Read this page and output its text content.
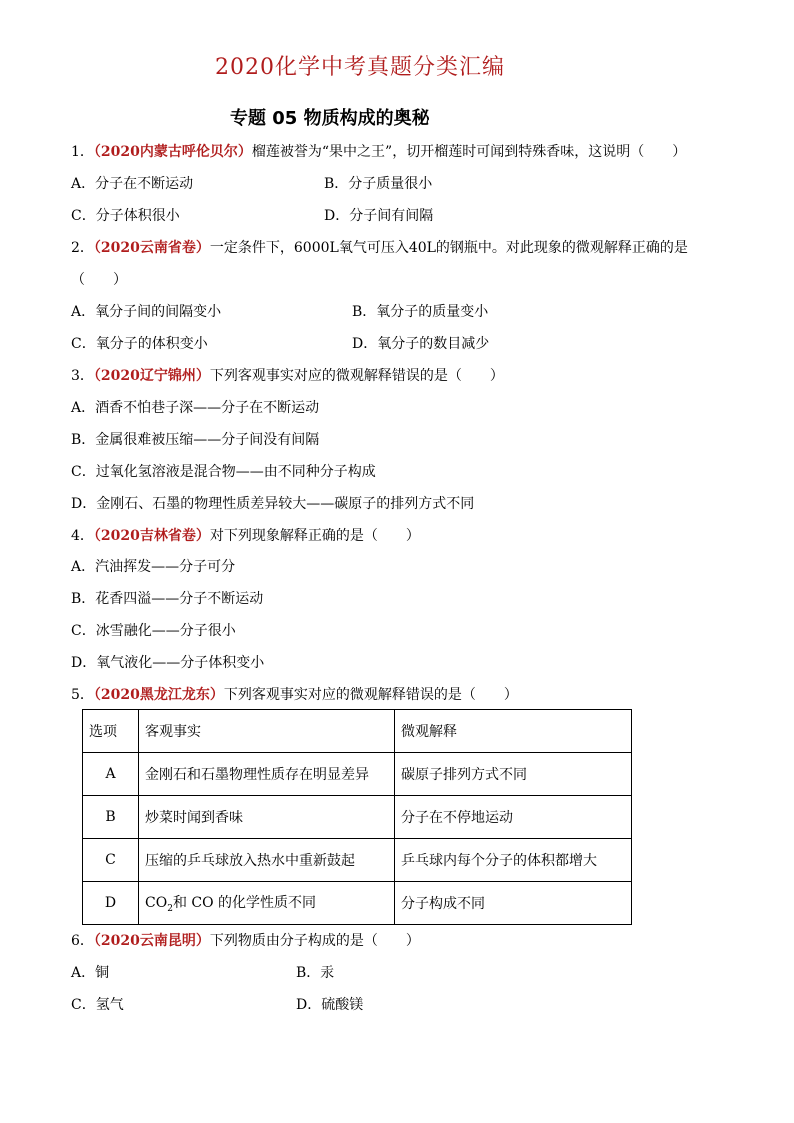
2020化学中考真题分类汇编
专题 05 物质构成的奥秘
1．（2020内蒙古呼伦贝尔）榴莲被誉为“果中之王”，切开榴莲时可闻到特殊香味，这说明（　　）
A．分子在不断运动	B．分子质量很小
C．分子体积很小	D．分子间有间隔
2．（2020云南省卷）一定条件下，6000L氧气可压入40L的钢瓶中。对此现象的微观解释正确的是
（　　）
A．氧分子间的间隔变小	B．氧分子的质量变小
C．氧分子的体积变小	D．氧分子的数目减少
3．（2020辽宁锦州）下列客观事实对应的微观解释错误的是（　　）
A．酒香不怕巷子深——分子在不断运动
B．金属很难被压缩——分子间没有间隔
C．过氧化氢溶液是混合物——由不同种分子构成
D．金刚石、石墨的物理性质差异较大——碳原子的排列方式不同
4．（2020吉林省卷）对下列现象解释正确的是（　　）
A．汽油挥发——分子可分
B．花香四溢——分子不断运动
C．冰雪融化——分子很小
D．氧气液化——分子体积变小
5．（2020黑龙江龙东）下列客观事实对应的微观解释错误的是（　　）
选项	客观事实	微观解释
A	金刚石和石墨物理性质存在明显差异	碳原子排列方式不同
B	炒菜时闻到香味	分子在不停地运动
C	压缩的乒乓球放入热水中重新鼓起	乒乓球内每个分子的体积都增大
D	$CO_2$和 CO 的化学性质不同	分子构成不同
6．（2020云南昆明）下列物质由分子构成的是（　　）
A．铜	B．汞
C．氢气	D．硫酸镁
